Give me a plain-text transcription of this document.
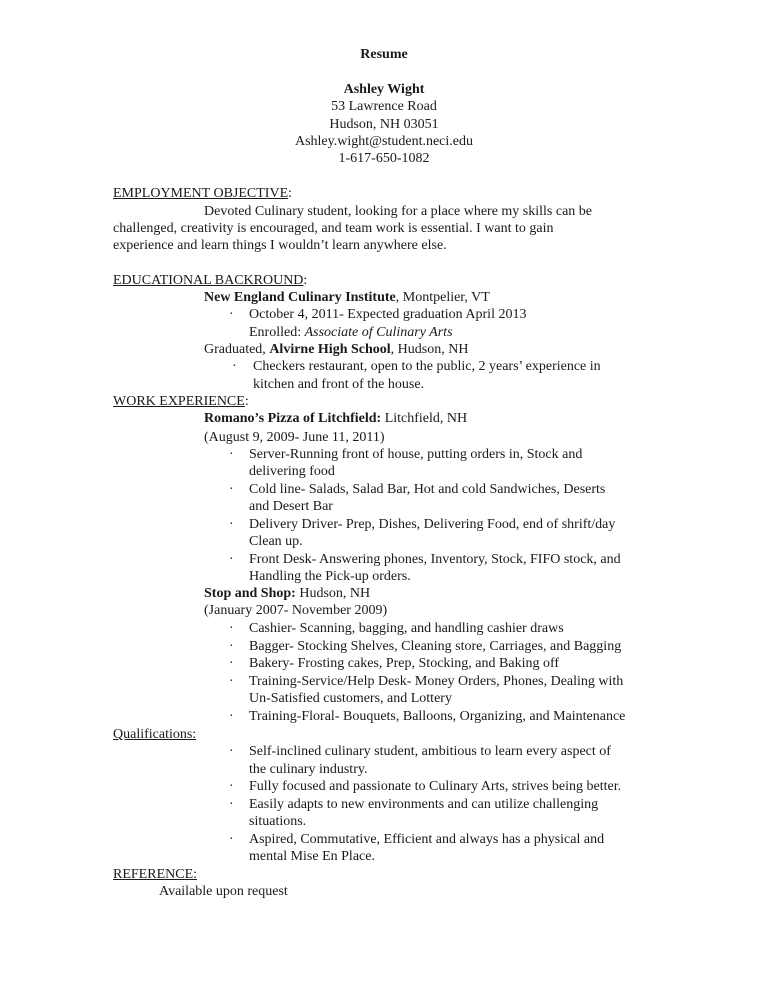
Resume
Ashley Wight
53 Lawrence Road
Hudson, NH 03051
Ashley.wight@student.neci.edu
1-617-650-1082
EMPLOYMENT OBJECTIVE:
Devoted Culinary student, looking for a place where my skills can be
challenged, creativity is encouraged, and team work is essential. I want to gain
experience and learn things I wouldn’t learn anywhere else.
EDUCATIONAL BACKROUND:
New England Culinary Institute, Montpelier, VT
· October 4, 2011- Expected graduation April 2013
Enrolled: Associate of Culinary Arts
Graduated, Alvirne High School, Hudson, NH
· Checkers restaurant, open to the public, 2 years’ experience in
kitchen and front of the house.
WORK EXPERIENCE:
Romano’s Pizza of Litchfield: Litchfield, NH
(August 9, 2009- June 11, 2011)
· Server-Running front of house, putting orders in, Stock and
delivering food
· Cold line- Salads, Salad Bar, Hot and cold Sandwiches, Deserts
and Desert Bar
· Delivery Driver- Prep, Dishes, Delivering Food, end of shrift/day
Clean up.
· Front Desk- Answering phones, Inventory, Stock, FIFO stock, and
Handling the Pick-up orders.
Stop and Shop: Hudson, NH
(January 2007- November 2009)
· Cashier- Scanning, bagging, and handling cashier draws
· Bagger- Stocking Shelves, Cleaning store, Carriages, and Bagging
· Bakery- Frosting cakes, Prep, Stocking, and Baking off
· Training-Service/Help Desk- Money Orders, Phones, Dealing with
Un-Satisfied customers, and Lottery
· Training-Floral- Bouquets, Balloons, Organizing, and Maintenance
Qualifications:
· Self-inclined culinary student, ambitious to learn every aspect of
the culinary industry.
· Fully focused and passionate to Culinary Arts, strives being better.
· Easily adapts to new environments and can utilize challenging
situations.
· Aspired, Commutative, Efficient and always has a physical and
mental Mise En Place.
REFERENCE:
Available upon request
